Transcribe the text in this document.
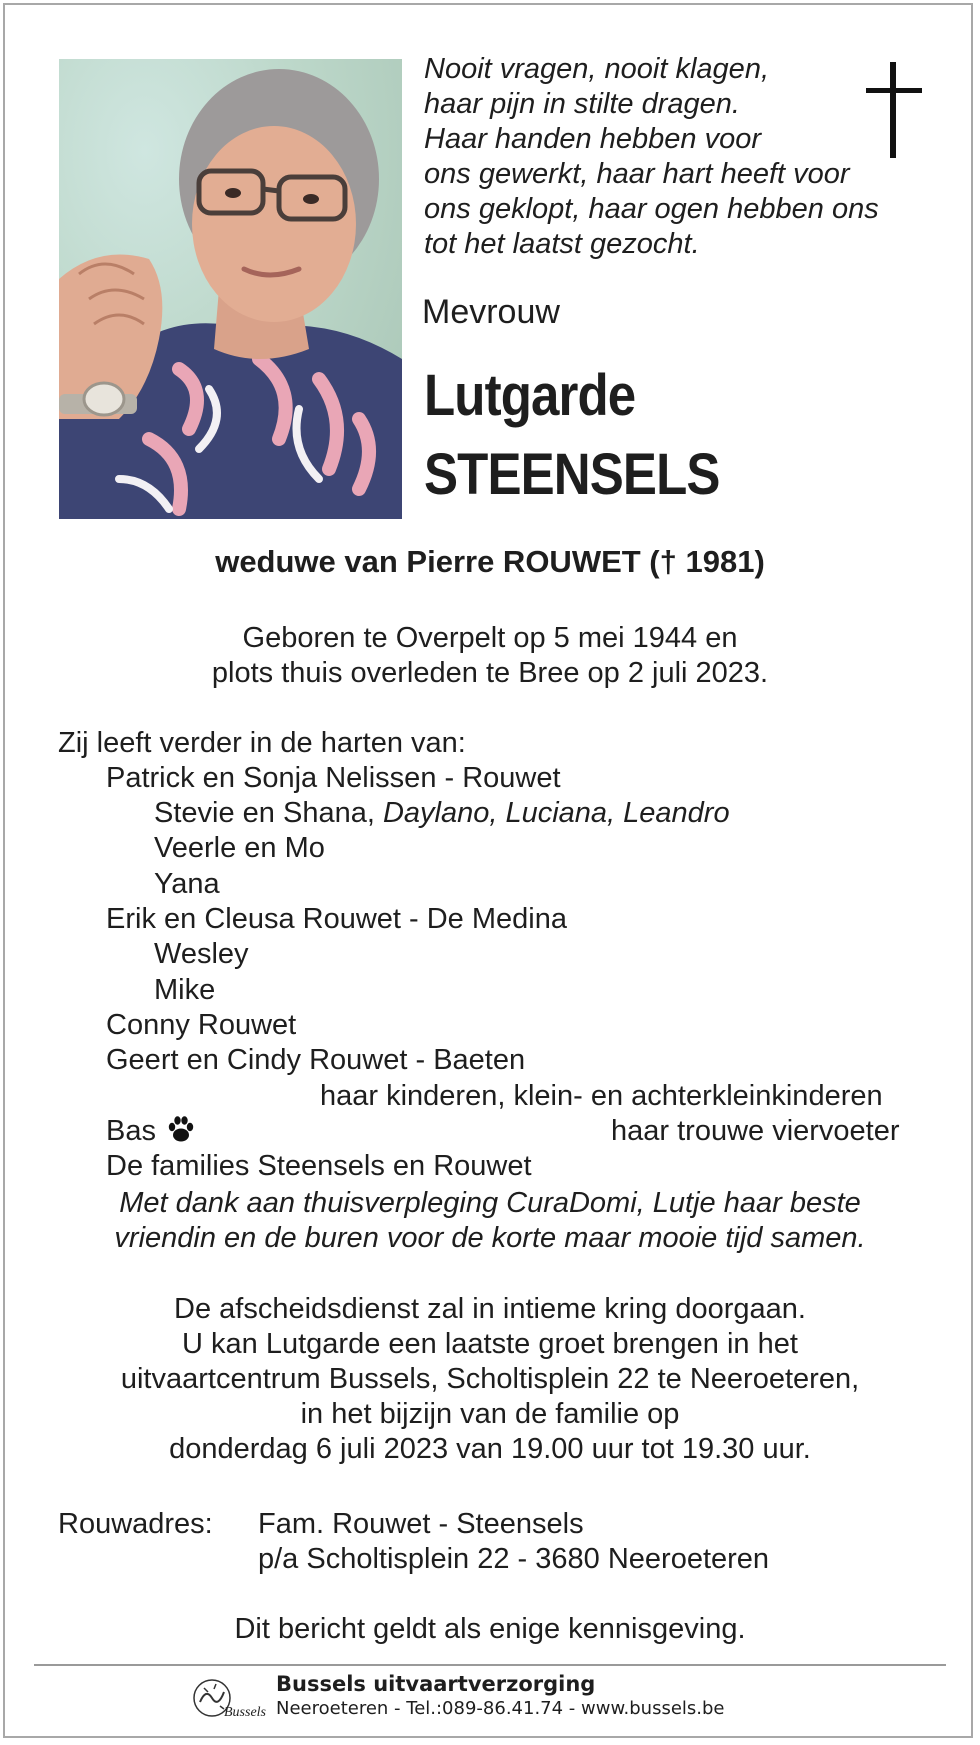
Nooit vragen, nooit klagen,
haar pijn in stilte dragen.
Haar handen hebben voor
ons gewerkt, haar hart heeft voor
ons geklopt, haar ogen hebben ons
tot het laatst gezocht.
Mevrouw
Lutgarde
STEENSELS
weduwe van Pierre ROUWET († 1981)
Geboren te Overpelt op 5 mei 1944 en
plots thuis overleden te Bree op 2 juli 2023.
Zij leeft verder in de harten van:
Patrick en Sonja Nelissen - Rouwet
Stevie en Shana, Daylano, Luciana, Leandro
Veerle en Mo
Yana
Erik en Cleusa Rouwet - De Medina
Wesley
Mike
Conny Rouwet
Geert en Cindy Rouwet - Baeten
haar kinderen, klein- en achterkleinkinderen
Bas	haar trouwe viervoeter
De families Steensels en Rouwet
Met dank aan thuisverpleging CuraDomi, Lutje haar beste
vriendin en de buren voor de korte maar mooie tijd samen.
De afscheidsdienst zal in intieme kring doorgaan.
U kan Lutgarde een laatste groet brengen in het
uitvaartcentrum Bussels, Scholtisplein 22 te Neeroeteren,
in het bijzijn van de familie op
donderdag 6 juli 2023 van 19.00 uur tot 19.30 uur.
Rouwadres: Fam. Rouwet - Steensels
p/a Scholtisplein 22 - 3680 Neeroeteren
Dit bericht geldt als enige kennisgeving.
Bussels
Bussels uitvaartverzorging
Neeroeteren - Tel.:089-86.41.74 - www.bussels.be
